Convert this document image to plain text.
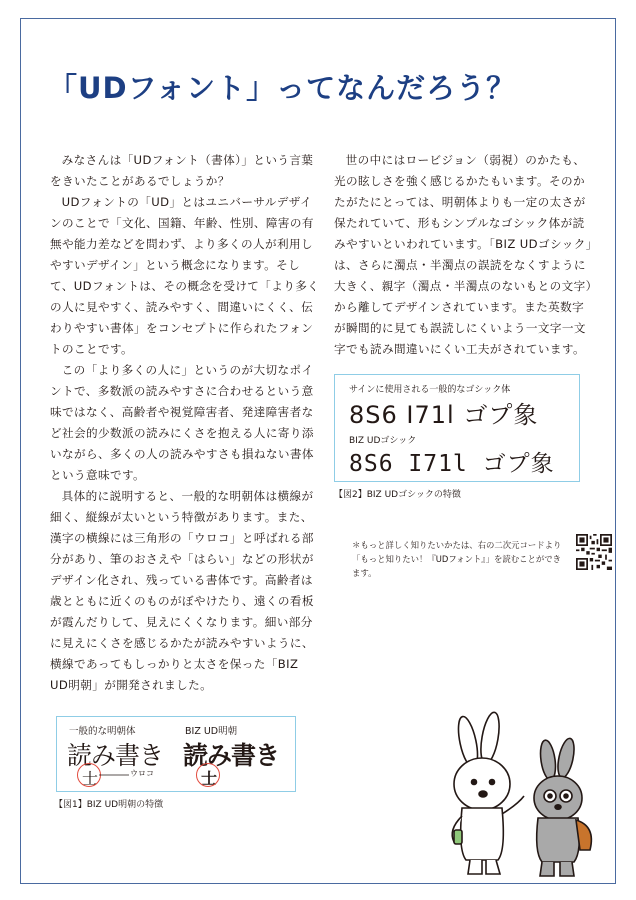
「UDフォント」ってなんだろう？

みなさんは「UDフォント（書体）」という言葉をきいたことがあるでしょうか？

UDフォントの「UD」とはユニバーサルデザインのことで「文化、国籍、年齢、性別、障害の有無や能力差などを問わず、より多くの人が利用しやすいデザイン」という概念になります。そして、UDフォントは、その概念を受けて「より多くの人に見やすく、読みやすく、間違いにくく、伝わりやすい書体」をコンセプトに作られたフォントのことです。

この「より多くの人に」というのが大切なポイントで、多数派の読みやすさに合わせるという意味ではなく、高齢者や視覚障害者、発達障害者など社会的少数派の読みにくさを抱える人に寄り添いながら、多くの人の読みやすさも損ねない書体という意味です。

具体的に説明すると、一般的な明朝体は横線が細く、縦線が太いという特徴があります。また、漢字の横線には三角形の「ウロコ」と呼ばれる部分があり、筆のおさえや「はらい」などの形状がデザイン化され、残っている書体です。高齢者は歳とともに近くのものがぼやけたり、遠くの看板が霞んだりして、見えにくくなります。細い部分に見えにくさを感じるかたが読みやすいように、横線であってもしっかりと太さを保った「BIZ UD明朝」が開発されました。

世の中にはロービジョン（弱視）のかたも、光の眩しさを強く感じるかたもいます。そのかたがたにとっては、明朝体よりも一定の太さが保たれていて、形もシンプルなゴシック体が読みやすいといわれています。「BIZ UDゴシック」は、さらに濁点・半濁点の誤読をなくすように大きく、親字（濁点・半濁点のないもとの文字）から離してデザインされています。また英数字が瞬間的に見ても誤読しにくいよう一文字一文字でも読み間違いにくい工夫がされています。

サインに使用される一般的なゴシック体
8S6 I71l ゴプ象
BIZ UDゴシック
8S6 I71l ゴプ象
【図2】BIZ UDゴシックの特徴
＊もっと詳しく知りたいかたは、右の二次元コードより「もっと知りたい！『UDフォント』」を読むことができます。
一般的な明朝体	BIZ UD明朝
読み書き 読み書き
士	士
ウロコ
【図1】BIZ UD明朝の特徴
